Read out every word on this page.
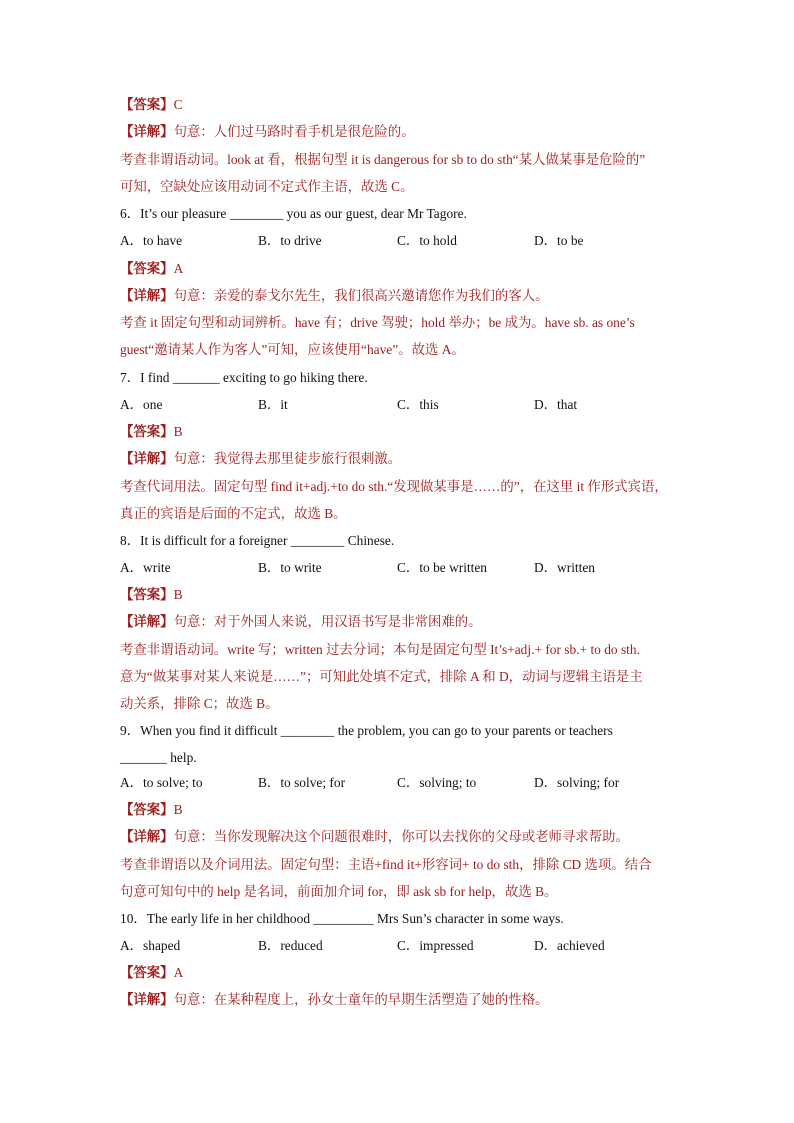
【答案】C
【详解】句意：人们过马路时看手机是很危险的。
考查非谓语动词。look at 看，根据句型 it is dangerous for sb to do sth“某人做某事是危险的”
可知，空缺处应该用动词不定式作主语，故选 C。
6．It’s our pleasure ________ you as our guest, dear Mr Tagore.
A．to have	B．to drive	C．to hold	D．to be
【答案】A
【详解】句意：亲爱的泰戈尔先生，我们很高兴邀请您作为我们的客人。
考查 it 固定句型和动词辨析。have 有；drive 驾驶；hold 举办；be 成为。have sb. as one’s
guest“邀请某人作为客人”可知，应该使用“have”。故选 A。
7．I find _______ exciting to go hiking there.
A．one	B．it	C．this	D．that
【答案】B
【详解】句意：我觉得去那里徒步旅行很刺激。
考查代词用法。固定句型 find it+adj.+to do sth.“发现做某事是……的”，在这里 it 作形式宾语，
真正的宾语是后面的不定式，故选 B。
8．It is difficult for a foreigner ________ Chinese.
A．write	B．to write	C．to be written	D．written
【答案】B
【详解】句意：对于外国人来说，用汉语书写是非常困难的。
考查非谓语动词。write 写；written 过去分词；本句是固定句型 It’s+adj.+ for sb.+ to do sth.
意为“做某事对某人来说是……”；可知此处填不定式，排除 A 和 D，动词与逻辑主语是主
动关系，排除 C；故选 B。
9．When you find it difficult ________ the problem, you can go to your parents or teachers
_______ help.
A．to solve; to	B．to solve; for	C．solving; to	D．solving; for
【答案】B
【详解】句意：当你发现解决这个问题很难时，你可以去找你的父母或老师寻求帮助。
考查非谓语以及介词用法。固定句型：主语+find it+形容词+ to do sth，排除 CD 选项。结合
句意可知句中的 help 是名词，前面加介词 for，即 ask sb for help，故选 B。
10．The early life in her childhood _________ Mrs Sun’s character in some ways.
A．shaped	B．reduced	C．impressed	D．achieved
【答案】A
【详解】句意：在某种程度上，孙女士童年的早期生活塑造了她的性格。
